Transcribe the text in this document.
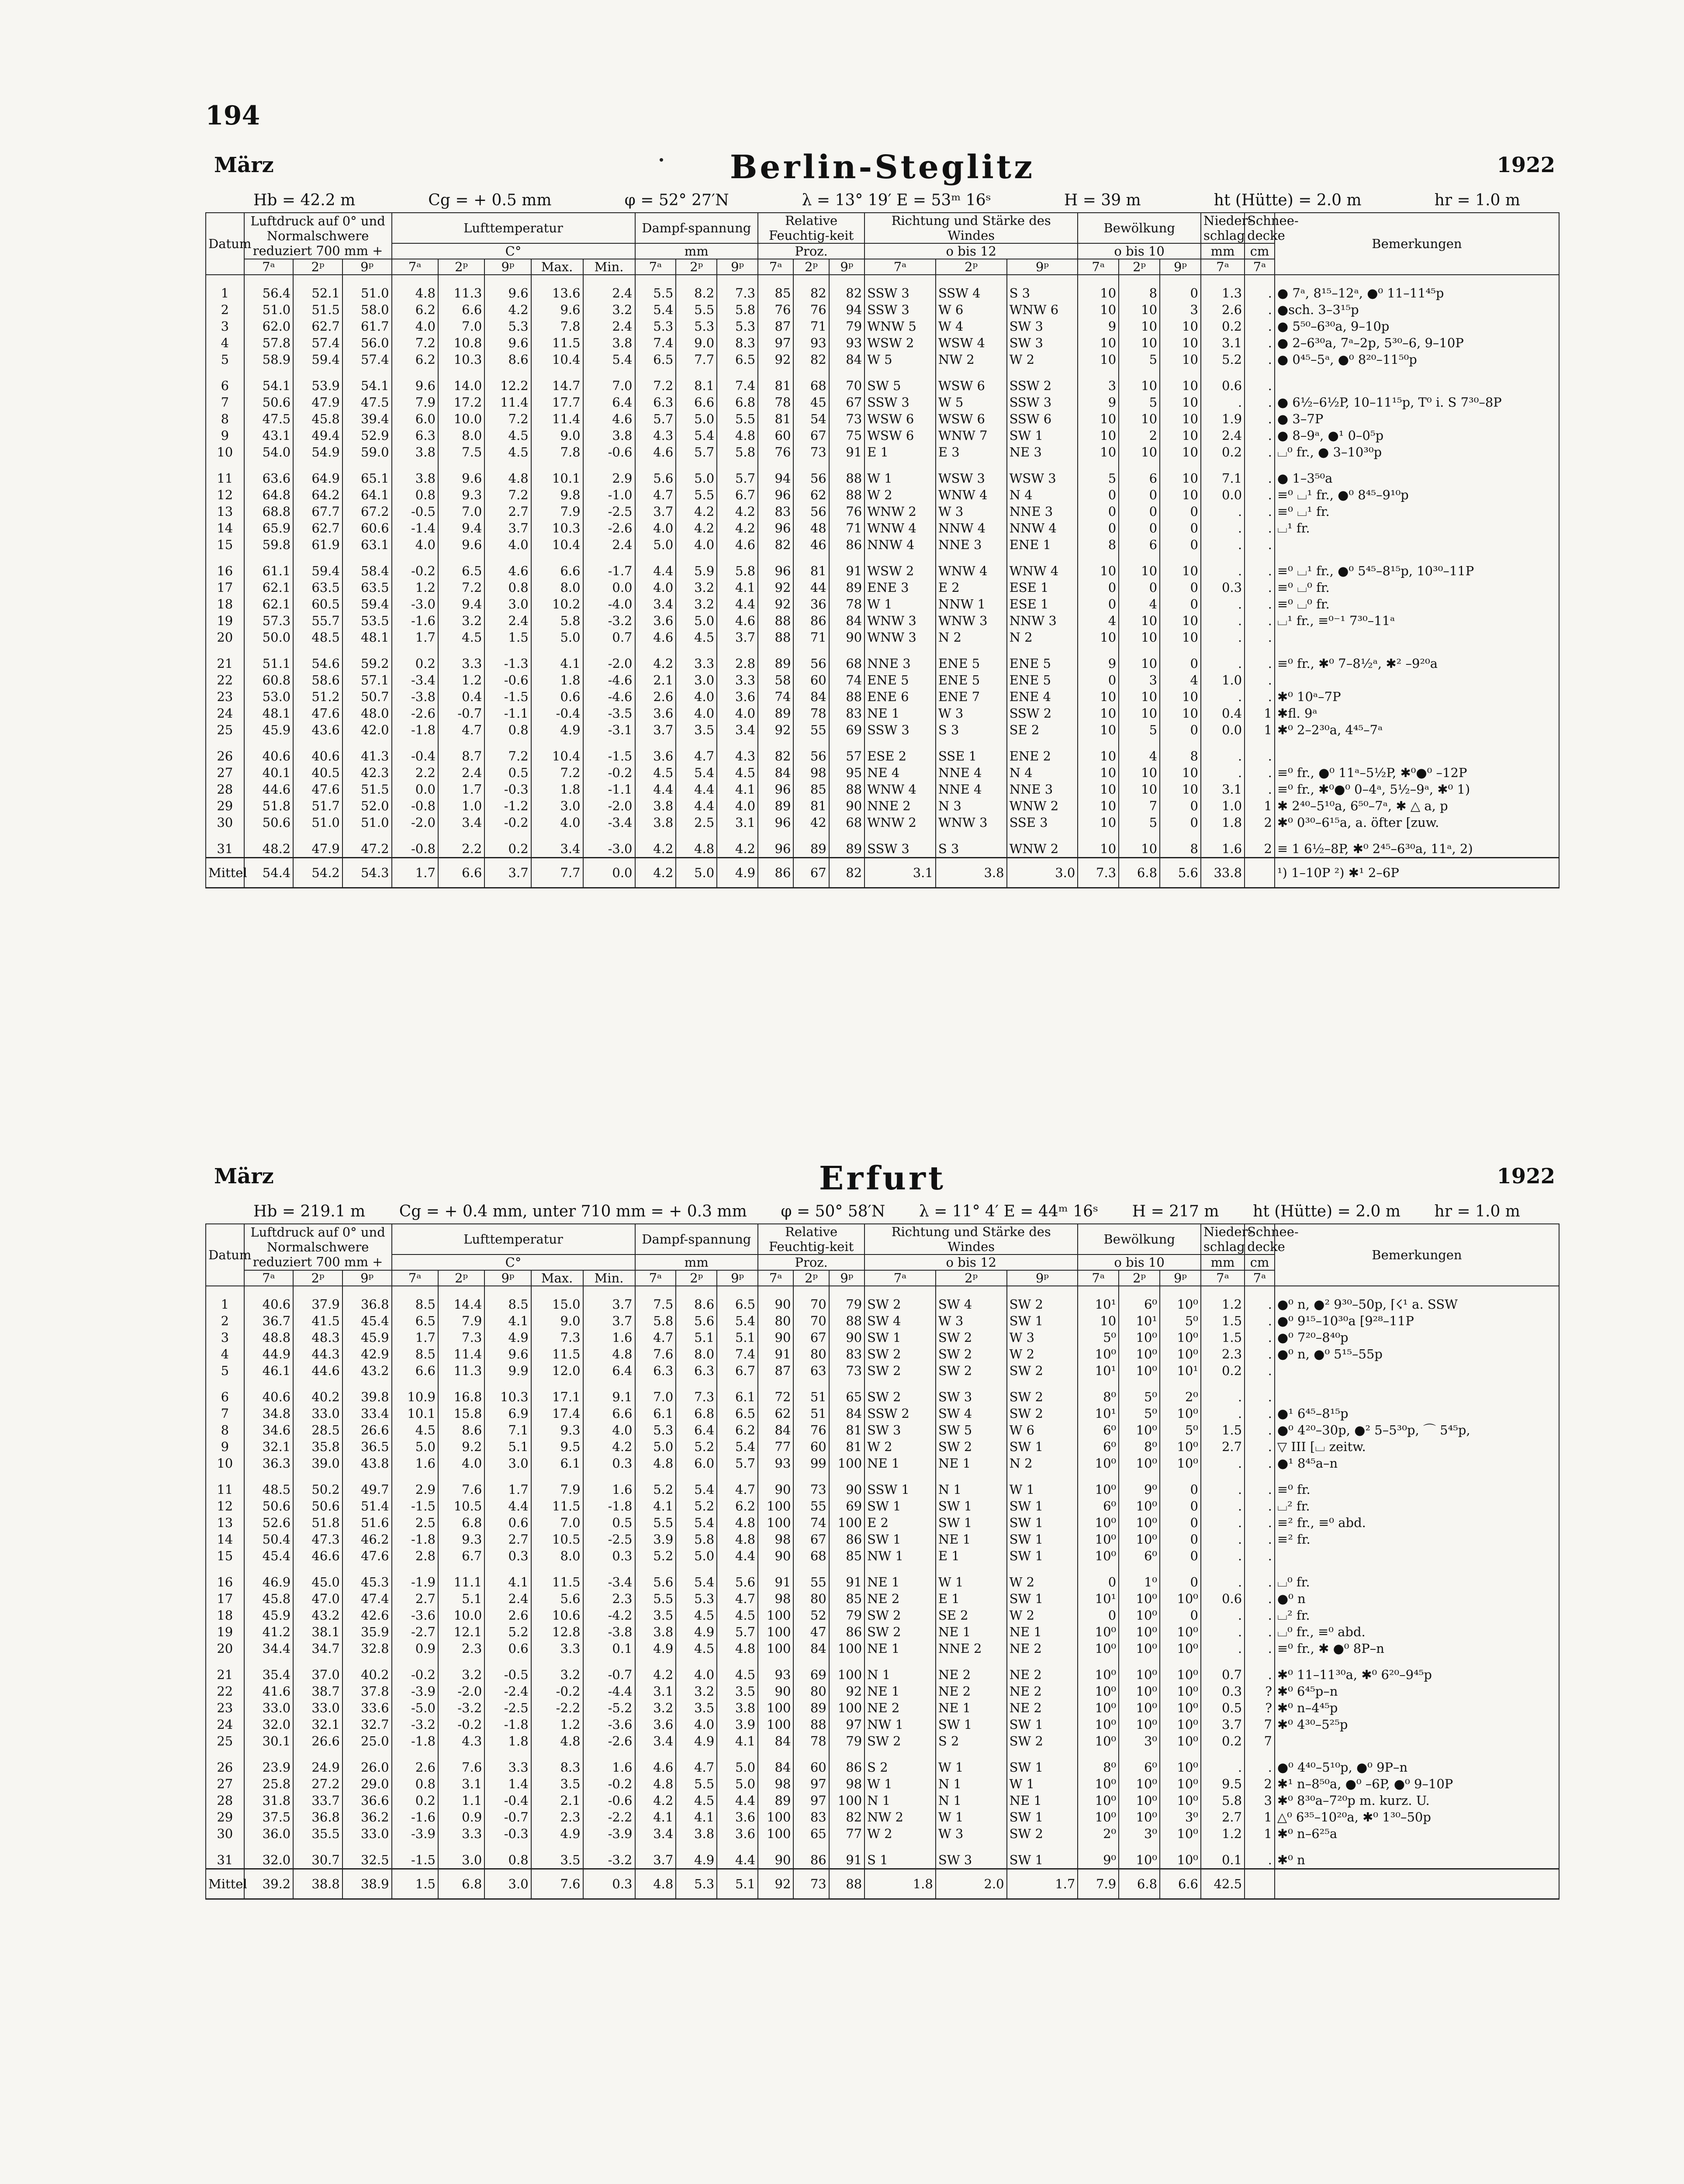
194
März	Berlin-Steglitz	1922
Hb = 42.2 m	Cg = + 0.5 mm	φ = 52° 27′N	λ = 13° 19′ E = 53ᵐ 16ˢ	H = 39 m	ht (Hütte) = 2.0 m	hr = 1.0 m
Datum	Luftdruck auf 0° und Normalschwere reduziert 700 mm +			Lufttemperatur					Dampf-spannung			Relative Feuchtig-keit			Richtung und Stärke des Windes			Bewölkung			Nieder-schlag	Schnee-decke	Bemerkungen
				C°					mm			Proz.			o bis 12			o bis 10			mm	cm	
	7ᵃ	2ᵖ	9ᵖ	7ᵃ	2ᵖ	9ᵖ	Max.	Min.	7ᵃ	2ᵖ	9ᵖ	7ᵃ	2ᵖ	9ᵖ	7ᵃ	2ᵖ	9ᵖ	7ᵃ	2ᵖ	9ᵖ	7ᵃ	7ᵃ	
1	56.4	52.1	51.0	4.8	11.3	9.6	13.6	2.4	5.5	8.2	7.3	85	82	82	SSW 3	SSW 4	S 3	10	8	0	1.3	.	● 7ᵃ, 8¹⁵–12ᵃ, ●⁰ 11–11⁴⁵p
2	51.0	51.5	58.0	6.2	6.6	4.2	9.6	3.2	5.4	5.5	5.8	76	76	94	SSW 3	W 6	WNW 6	10	10	3	2.6	.	●sch. 3–3¹⁵p
3	62.0	62.7	61.7	4.0	7.0	5.3	7.8	2.4	5.3	5.3	5.3	87	71	79	WNW 5	W 4	SW 3	9	10	10	0.2	.	● 5⁵⁰–6³⁰a, 9–10p
4	57.8	57.4	56.0	7.2	10.8	9.6	11.5	3.8	7.4	9.0	8.3	97	93	93	WSW 2	WSW 4	SW 3	10	10	10	3.1	.	● 2–6³⁰a, 7ᵃ–2p, 5³⁰–6, 9–10P
5	58.9	59.4	57.4	6.2	10.3	8.6	10.4	5.4	6.5	7.7	6.5	92	82	84	W 5	NW 2	W 2	10	5	10	5.2	.	● 0⁴⁵–5ᵃ, ●⁰ 8²⁰–11⁵⁰p
6	54.1	53.9	54.1	9.6	14.0	12.2	14.7	7.0	7.2	8.1	7.4	81	68	70	SW 5	WSW 6	SSW 2	3	10	10	0.6	.	
7	50.6	47.9	47.5	7.9	17.2	11.4	17.7	6.4	6.3	6.6	6.8	78	45	67	SSW 3	W 5	SSW 3	9	5	10	.	.	● 6½–6½P, 10–11¹⁵p, T⁰ i. S 7³⁰–8P
8	47.5	45.8	39.4	6.0	10.0	7.2	11.4	4.6	5.7	5.0	5.5	81	54	73	WSW 6	WSW 6	SSW 6	10	10	10	1.9	.	● 3–7P
9	43.1	49.4	52.9	6.3	8.0	4.5	9.0	3.8	4.3	5.4	4.8	60	67	75	WSW 6	WNW 7	SW 1	10	2	10	2.4	.	● 8–9ᵃ, ●¹ 0–0⁵p
10	54.0	54.9	59.0	3.8	7.5	4.5	7.8	-0.6	4.6	5.7	5.8	76	73	91	E 1	E 3	NE 3	10	10	10	0.2	.	⌴⁰ fr., ● 3–10³⁰p
11	63.6	64.9	65.1	3.8	9.6	4.8	10.1	2.9	5.6	5.0	5.7	94	56	88	W 1	WSW 3	WSW 3	5	6	10	7.1	.	● 1–3⁵⁰a
12	64.8	64.2	64.1	0.8	9.3	7.2	9.8	-1.0	4.7	5.5	6.7	96	62	88	W 2	WNW 4	N 4	0	0	10	0.0	.	≡⁰ ⌴¹ fr., ●⁰ 8⁴⁵–9¹⁰p
13	68.8	67.7	67.2	-0.5	7.0	2.7	7.9	-2.5	3.7	4.2	4.2	83	56	76	WNW 2	W 3	NNE 3	0	0	0	.	.	≡⁰ ⌴¹ fr.
14	65.9	62.7	60.6	-1.4	9.4	3.7	10.3	-2.6	4.0	4.2	4.2	96	48	71	WNW 4	NNW 4	NNW 4	0	0	0	.	.	⌴¹ fr.
15	59.8	61.9	63.1	4.0	9.6	4.0	10.4	2.4	5.0	4.0	4.6	82	46	86	NNW 4	NNE 3	ENE 1	8	6	0	.	.	
16	61.1	59.4	58.4	-0.2	6.5	4.6	6.6	-1.7	4.4	5.9	5.8	96	81	91	WSW 2	WNW 4	WNW 4	10	10	10	.	.	≡⁰ ⌴¹ fr., ●⁰ 5⁴⁵–8¹⁵p, 10³⁰–11P
17	62.1	63.5	63.5	1.2	7.2	0.8	8.0	0.0	4.0	3.2	4.1	92	44	89	ENE 3	E 2	ESE 1	0	0	0	0.3	.	≡⁰ ⌴⁰ fr.
18	62.1	60.5	59.4	-3.0	9.4	3.0	10.2	-4.0	3.4	3.2	4.4	92	36	78	W 1	NNW 1	ESE 1	0	4	0	.	.	≡⁰ ⌴⁰ fr.
19	57.3	55.7	53.5	-1.6	3.2	2.4	5.8	-3.2	3.6	5.0	4.6	88	86	84	WNW 3	WNW 3	NNW 3	4	10	10	.	.	⌴¹ fr., ≡⁰⁻¹ 7³⁰–11ᵃ
20	50.0	48.5	48.1	1.7	4.5	1.5	5.0	0.7	4.6	4.5	3.7	88	71	90	WNW 3	N 2	N 2	10	10	10	.	.	
21	51.1	54.6	59.2	0.2	3.3	-1.3	4.1	-2.0	4.2	3.3	2.8	89	56	68	NNE 3	ENE 5	ENE 5	9	10	0	.	.	≡⁰ fr., ✱⁰ 7–8½ᵃ, ✱² –9²⁰a
22	60.8	58.6	57.1	-3.4	1.2	-0.6	1.8	-4.6	2.1	3.0	3.3	58	60	74	ENE 5	ENE 5	ENE 5	0	3	4	1.0	.	
23	53.0	51.2	50.7	-3.8	0.4	-1.5	0.6	-4.6	2.6	4.0	3.6	74	84	88	ENE 6	ENE 7	ENE 4	10	10	10	.	.	✱⁰ 10ᵃ–7P
24	48.1	47.6	48.0	-2.6	-0.7	-1.1	-0.4	-3.5	3.6	4.0	4.0	89	78	83	NE 1	W 3	SSW 2	10	10	10	0.4	1	✱fl. 9ᵃ
25	45.9	43.6	42.0	-1.8	4.7	0.8	4.9	-3.1	3.7	3.5	3.4	92	55	69	SSW 3	S 3	SE 2	10	5	0	0.0	1	✱⁰ 2–2³⁰a, 4⁴⁵–7ᵃ
26	40.6	40.6	41.3	-0.4	8.7	7.2	10.4	-1.5	3.6	4.7	4.3	82	56	57	ESE 2	SSE 1	ENE 2	10	4	8	.	.	
27	40.1	40.5	42.3	2.2	2.4	0.5	7.2	-0.2	4.5	5.4	4.5	84	98	95	NE 4	NNE 4	N 4	10	10	10	.	.	≡⁰ fr., ●⁰ 11ᵃ–5½P, ✱⁰●⁰ –12P
28	44.6	47.6	51.5	0.0	1.7	-0.3	1.8	-1.1	4.4	4.4	4.1	96	85	88	WNW 4	NNE 4	NNE 3	10	10	10	3.1	.	≡⁰ fr., ✱⁰●⁰ 0–4ᵃ, 5½–9ᵃ, ✱⁰ 1)
29	51.8	51.7	52.0	-0.8	1.0	-1.2	3.0	-2.0	3.8	4.4	4.0	89	81	90	NNE 2	N 3	WNW 2	10	7	0	1.0	1	✱ 2⁴⁰–5¹⁰a, 6⁵⁰–7ᵃ, ✱ △ a, p
30	50.6	51.0	51.0	-2.0	3.4	-0.2	4.0	-3.4	3.8	2.5	3.1	96	42	68	WNW 2	WNW 3	SSE 3	10	5	0	1.8	2	✱⁰ 0³⁰–6¹⁵a, a. öfter [zuw.
31	48.2	47.9	47.2	-0.8	2.2	0.2	3.4	-3.0	4.2	4.8	4.2	96	89	89	SSW 3	S 3	WNW 2	10	10	8	1.6	2	≡ 1 6½–8P, ✱⁰ 2⁴⁵–6³⁰a, 11ᵃ, 2)
Mittel	54.4	54.2	54.3	1.7	6.6	3.7	7.7	0.0	4.2	5.0	4.9	86	67	82	3.1	3.8	3.0	7.3	6.8	5.6	33.8		¹) 1–10P ²) ✱¹ 2–6P
März	Erfurt	1922
Hb = 219.1 m Cg = + 0.4 mm, unter 710 mm = + 0.3 mm φ = 50° 58′N λ = 11° 4′ E = 44ᵐ 16ˢ H = 217 m ht (Hütte) = 2.0 m hr = 1.0 m
Datum	Luftdruck auf 0° und Normalschwere reduziert 700 mm +			Lufttemperatur					Dampf-spannung			Relative Feuchtig-keit			Richtung und Stärke des Windes			Bewölkung			Nieder-schlag	Schnee-decke	Bemerkungen
				C°					mm			Proz.			o bis 12			o bis 10			mm	cm	
	7ᵃ	2ᵖ	9ᵖ	7ᵃ	2ᵖ	9ᵖ	Max.	Min.	7ᵃ	2ᵖ	9ᵖ	7ᵃ	2ᵖ	9ᵖ	7ᵃ	2ᵖ	9ᵖ	7ᵃ	2ᵖ	9ᵖ	7ᵃ	7ᵃ	
1	40.6	37.9	36.8	8.5	14.4	8.5	15.0	3.7	7.5	8.6	6.5	90	70	79	SW 2	SW 4	SW 2	10¹	6⁰	10⁰	1.2	.	●⁰ n, ●² 9³⁰–50p, ⌈☇¹ a. SSW
2	36.7	41.5	45.4	6.5	7.9	4.1	9.0	3.7	5.8	5.6	5.4	80	70	88	SW 4	W 3	SW 1	10	10¹	5⁰	1.5	.	●⁰ 9¹⁵–10³⁰a [9²⁸–11P
3	48.8	48.3	45.9	1.7	7.3	4.9	7.3	1.6	4.7	5.1	5.1	90	67	90	SW 1	SW 2	W 3	5⁰	10⁰	10⁰	1.5	.	●⁰ 7²⁰–8⁴⁰p
4	44.9	44.3	42.9	8.5	11.4	9.6	11.5	4.8	7.6	8.0	7.4	91	80	83	SW 2	SW 2	W 2	10⁰	10⁰	10⁰	2.3	.	●⁰ n, ●⁰ 5¹⁵–55p
5	46.1	44.6	43.2	6.6	11.3	9.9	12.0	6.4	6.3	6.3	6.7	87	63	73	SW 2	SW 2	SW 2	10¹	10⁰	10¹	0.2	.	
6	40.6	40.2	39.8	10.9	16.8	10.3	17.1	9.1	7.0	7.3	6.1	72	51	65	SW 2	SW 3	SW 2	8⁰	5⁰	2⁰	.	.	
7	34.8	33.0	33.4	10.1	15.8	6.9	17.4	6.6	6.1	6.8	6.5	62	51	84	SSW 2	SW 4	SW 2	10¹	5⁰	10⁰	.	.	●¹ 6⁴⁵–8¹⁵p
8	34.6	28.5	26.6	4.5	8.6	7.1	9.3	4.0	5.3	6.4	6.2	84	76	81	SW 3	SW 5	W 6	6⁰	10⁰	5⁰	1.5	.	●⁰ 4²⁰–30p, ●² 5–5³⁰p, ⌒ 5⁴⁵p,
9	32.1	35.8	36.5	5.0	9.2	5.1	9.5	4.2	5.0	5.2	5.4	77	60	81	W 2	SW 2	SW 1	6⁰	8⁰	10⁰	2.7	.	▽ III [⌴ zeitw.
10	36.3	39.0	43.8	1.6	4.0	3.0	6.1	0.3	4.8	6.0	5.7	93	99	100	NE 1	NE 1	N 2	10⁰	10⁰	10⁰	.	.	●¹ 8⁴⁵a–n
11	48.5	50.2	49.7	2.9	7.6	1.7	7.9	1.6	5.2	5.4	4.7	90	73	90	SSW 1	N 1	W 1	10⁰	9⁰	0	.	.	≡⁰ fr.
12	50.6	50.6	51.4	-1.5	10.5	4.4	11.5	-1.8	4.1	5.2	6.2	100	55	69	SW 1	SW 1	SW 1	6⁰	10⁰	0	.	.	⌴² fr.
13	52.6	51.8	51.6	2.5	6.8	0.6	7.0	0.5	5.5	5.4	4.8	100	74	100	E 2	SW 1	SW 1	10⁰	10⁰	0	.	.	≡² fr., ≡⁰ abd.
14	50.4	47.3	46.2	-1.8	9.3	2.7	10.5	-2.5	3.9	5.8	4.8	98	67	86	SW 1	NE 1	SW 1	10⁰	10⁰	0	.	.	≡² fr.
15	45.4	46.6	47.6	2.8	6.7	0.3	8.0	0.3	5.2	5.0	4.4	90	68	85	NW 1	E 1	SW 1	10⁰	6⁰	0	.	.	
16	46.9	45.0	45.3	-1.9	11.1	4.1	11.5	-3.4	5.6	5.4	5.6	91	55	91	NE 1	W 1	W 2	0	1⁰	0	.	.	⌴⁰ fr.
17	45.8	47.0	47.4	2.7	5.1	2.4	5.6	2.3	5.5	5.3	4.7	98	80	85	NE 2	E 1	SW 1	10¹	10⁰	10⁰	0.6	.	●⁰ n
18	45.9	43.2	42.6	-3.6	10.0	2.6	10.6	-4.2	3.5	4.5	4.5	100	52	79	SW 2	SE 2	W 2	0	10⁰	0	.	.	⌴² fr.
19	41.2	38.1	35.9	-2.7	12.1	5.2	12.8	-3.8	3.8	4.9	5.7	100	47	86	SW 2	NE 1	NE 1	10⁰	10⁰	10⁰	.	.	⌴⁰ fr., ≡⁰ abd.
20	34.4	34.7	32.8	0.9	2.3	0.6	3.3	0.1	4.9	4.5	4.8	100	84	100	NE 1	NNE 2	NE 2	10⁰	10⁰	10⁰	.	.	≡⁰ fr., ✱ ●⁰ 8P–n
21	35.4	37.0	40.2	-0.2	3.2	-0.5	3.2	-0.7	4.2	4.0	4.5	93	69	100	N 1	NE 2	NE 2	10⁰	10⁰	10⁰	0.7	.	✱⁰ 11–11³⁰a, ✱⁰ 6²⁰–9⁴⁵p
22	41.6	38.7	37.8	-3.9	-2.0	-2.4	-0.2	-4.4	3.1	3.2	3.5	90	80	92	NE 1	NE 2	NE 2	10⁰	10⁰	10⁰	0.3	?	✱⁰ 6⁴⁵p–n
23	33.0	33.0	33.6	-5.0	-3.2	-2.5	-2.2	-5.2	3.2	3.5	3.8	100	89	100	NE 2	NE 1	NE 2	10⁰	10⁰	10⁰	0.5	?	✱⁰ n–4⁴⁵p
24	32.0	32.1	32.7	-3.2	-0.2	-1.8	1.2	-3.6	3.6	4.0	3.9	100	88	97	NW 1	SW 1	SW 1	10⁰	10⁰	10⁰	3.7	7	✱⁰ 4³⁰–5²⁵p
25	30.1	26.6	25.0	-1.8	4.3	1.8	4.8	-2.6	3.4	4.9	4.1	84	78	79	SW 2	S 2	SW 2	10⁰	3⁰	10⁰	0.2	7	
26	23.9	24.9	26.0	2.6	7.6	3.3	8.3	1.6	4.6	4.7	5.0	84	60	86	S 2	W 1	SW 1	8⁰	6⁰	10⁰	.	.	●⁰ 4⁴⁰–5¹⁰p, ●⁰ 9P–n
27	25.8	27.2	29.0	0.8	3.1	1.4	3.5	-0.2	4.8	5.5	5.0	98	97	98	W 1	N 1	W 1	10⁰	10⁰	10⁰	9.5	2	✱¹ n–8⁵⁰a, ●⁰ –6P, ●⁰ 9–10P
28	31.8	33.7	36.6	0.2	1.1	-0.4	2.1	-0.6	4.2	4.5	4.4	89	97	100	N 1	N 1	NE 1	10⁰	10⁰	10⁰	5.8	3	✱⁰ 8³⁰a–7²⁰p m. kurz. U.
29	37.5	36.8	36.2	-1.6	0.9	-0.7	2.3	-2.2	4.1	4.1	3.6	100	83	82	NW 2	W 1	SW 1	10⁰	10⁰	3⁰	2.7	1	△⁰ 6³⁵–10²⁰a, ✱⁰ 1³⁰–50p
30	36.0	35.5	33.0	-3.9	3.3	-0.3	4.9	-3.9	3.4	3.8	3.6	100	65	77	W 2	W 3	SW 2	2⁰	3⁰	10⁰	1.2	1	✱⁰ n–6²⁵a
31	32.0	30.7	32.5	-1.5	3.0	0.8	3.5	-3.2	3.7	4.9	4.4	90	86	91	S 1	SW 3	SW 1	9⁰	10⁰	10⁰	0.1	.	✱⁰ n
Mittel	39.2	38.8	38.9	1.5	6.8	3.0	7.6	0.3	4.8	5.3	5.1	92	73	88	1.8	2.0	1.7	7.9	6.8	6.6	42.5		
